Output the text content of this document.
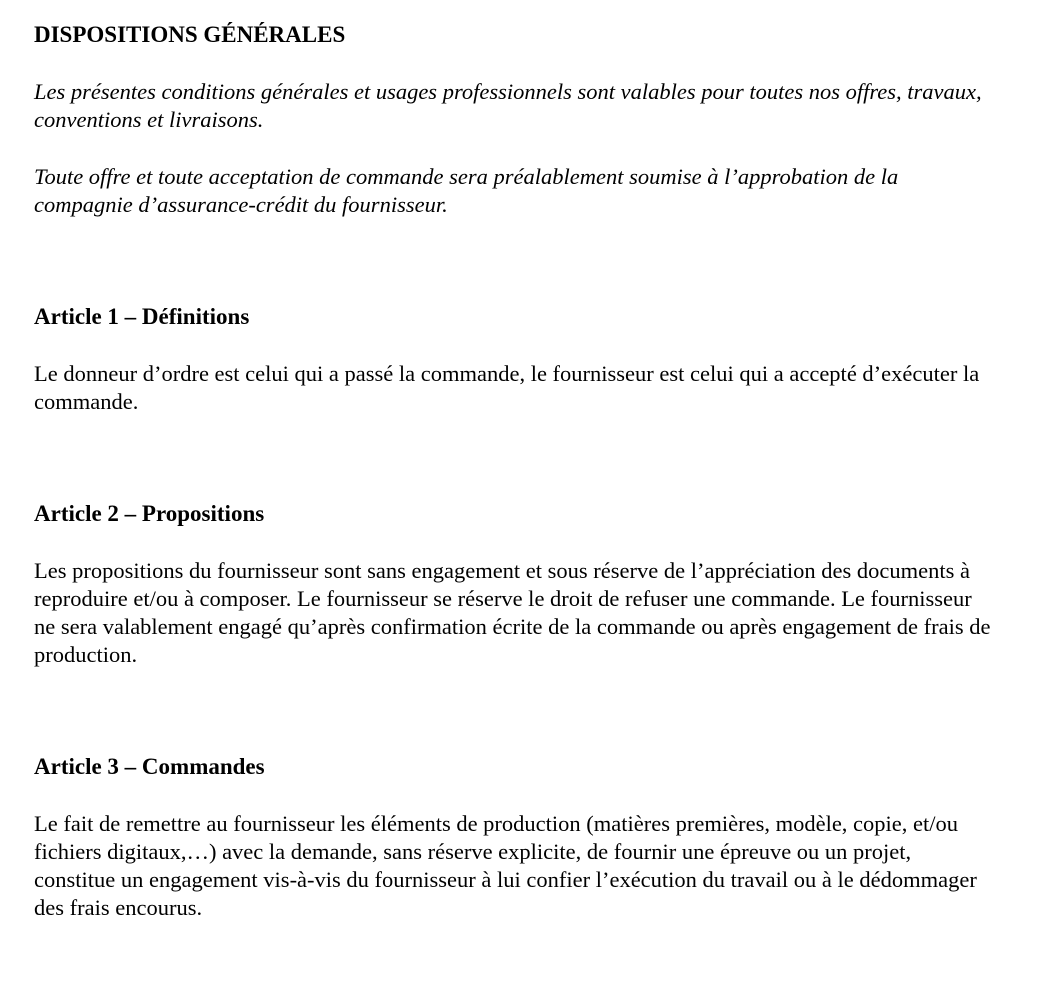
DISPOSITIONS GÉNÉRALES

Les présentes conditions générales et usages professionnels sont valables pour toutes nos offres, travaux, conventions et livraisons.

Toute offre et toute acceptation de commande sera préalablement soumise à l’approbation de la compagnie d’assurance-crédit du fournisseur.

Article 1 – Définitions

Le donneur d’ordre est celui qui a passé la commande, le fournisseur est celui qui a accepté d’exécuter la commande.

Article 2 – Propositions

Les propositions du fournisseur sont sans engagement et sous réserve de l’appréciation des documents à reproduire et/ou à composer. Le fournisseur se réserve le droit de refuser une commande. Le fournisseur ne sera valablement engagé qu’après confirmation écrite de la commande ou après engagement de frais de production.

Article 3 – Commandes

Le fait de remettre au fournisseur les éléments de production (matières premières, modèle, copie, et/ou fichiers digitaux,…) avec la demande, sans réserve explicite, de fournir une épreuve ou un projet, constitue un engagement vis-à-vis du fournisseur à lui confier l’exécution du travail ou à le dédommager des frais encourus.
